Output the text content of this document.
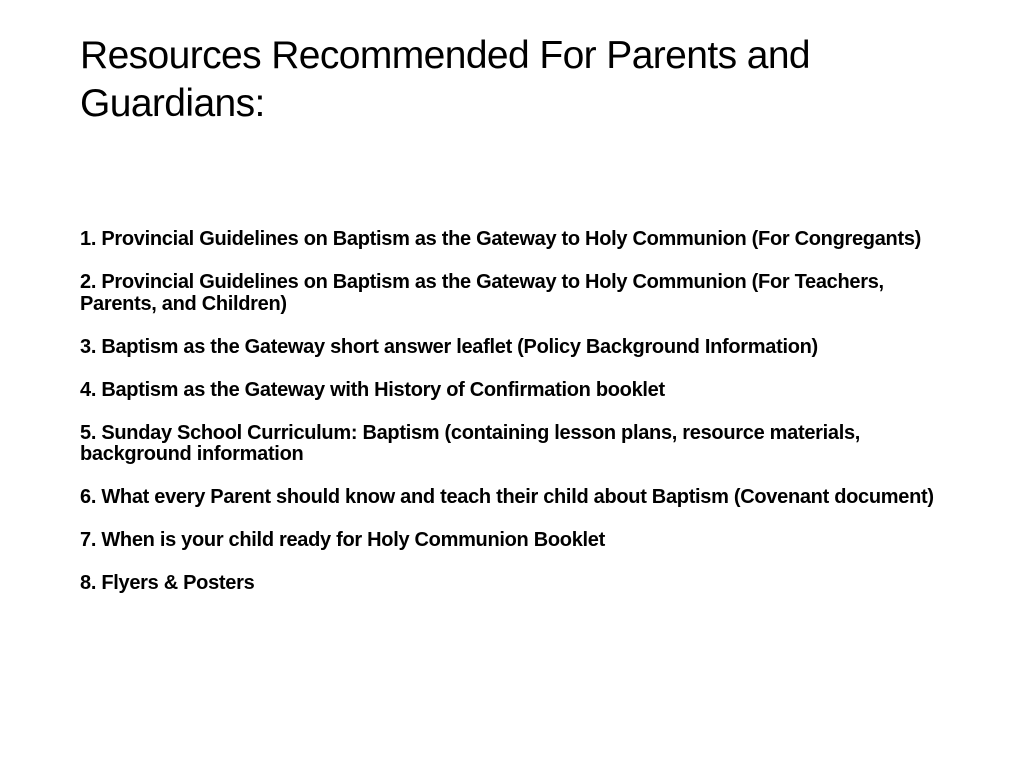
Resources Recommended For Parents and Guardians:
1. Provincial Guidelines on Baptism as the Gateway to Holy Communion (For Congregants)
2. Provincial Guidelines on Baptism as the Gateway to Holy Communion (For Teachers, Parents, and Children)
3. Baptism as the Gateway short answer leaflet (Policy Background Information)
4. Baptism as the Gateway with History of Confirmation booklet
5. Sunday School Curriculum: Baptism (containing lesson plans, resource materials, background information
6. What every Parent should know and teach their child about Baptism (Covenant document)
7. When is your child ready for Holy Communion Booklet
8. Flyers & Posters
